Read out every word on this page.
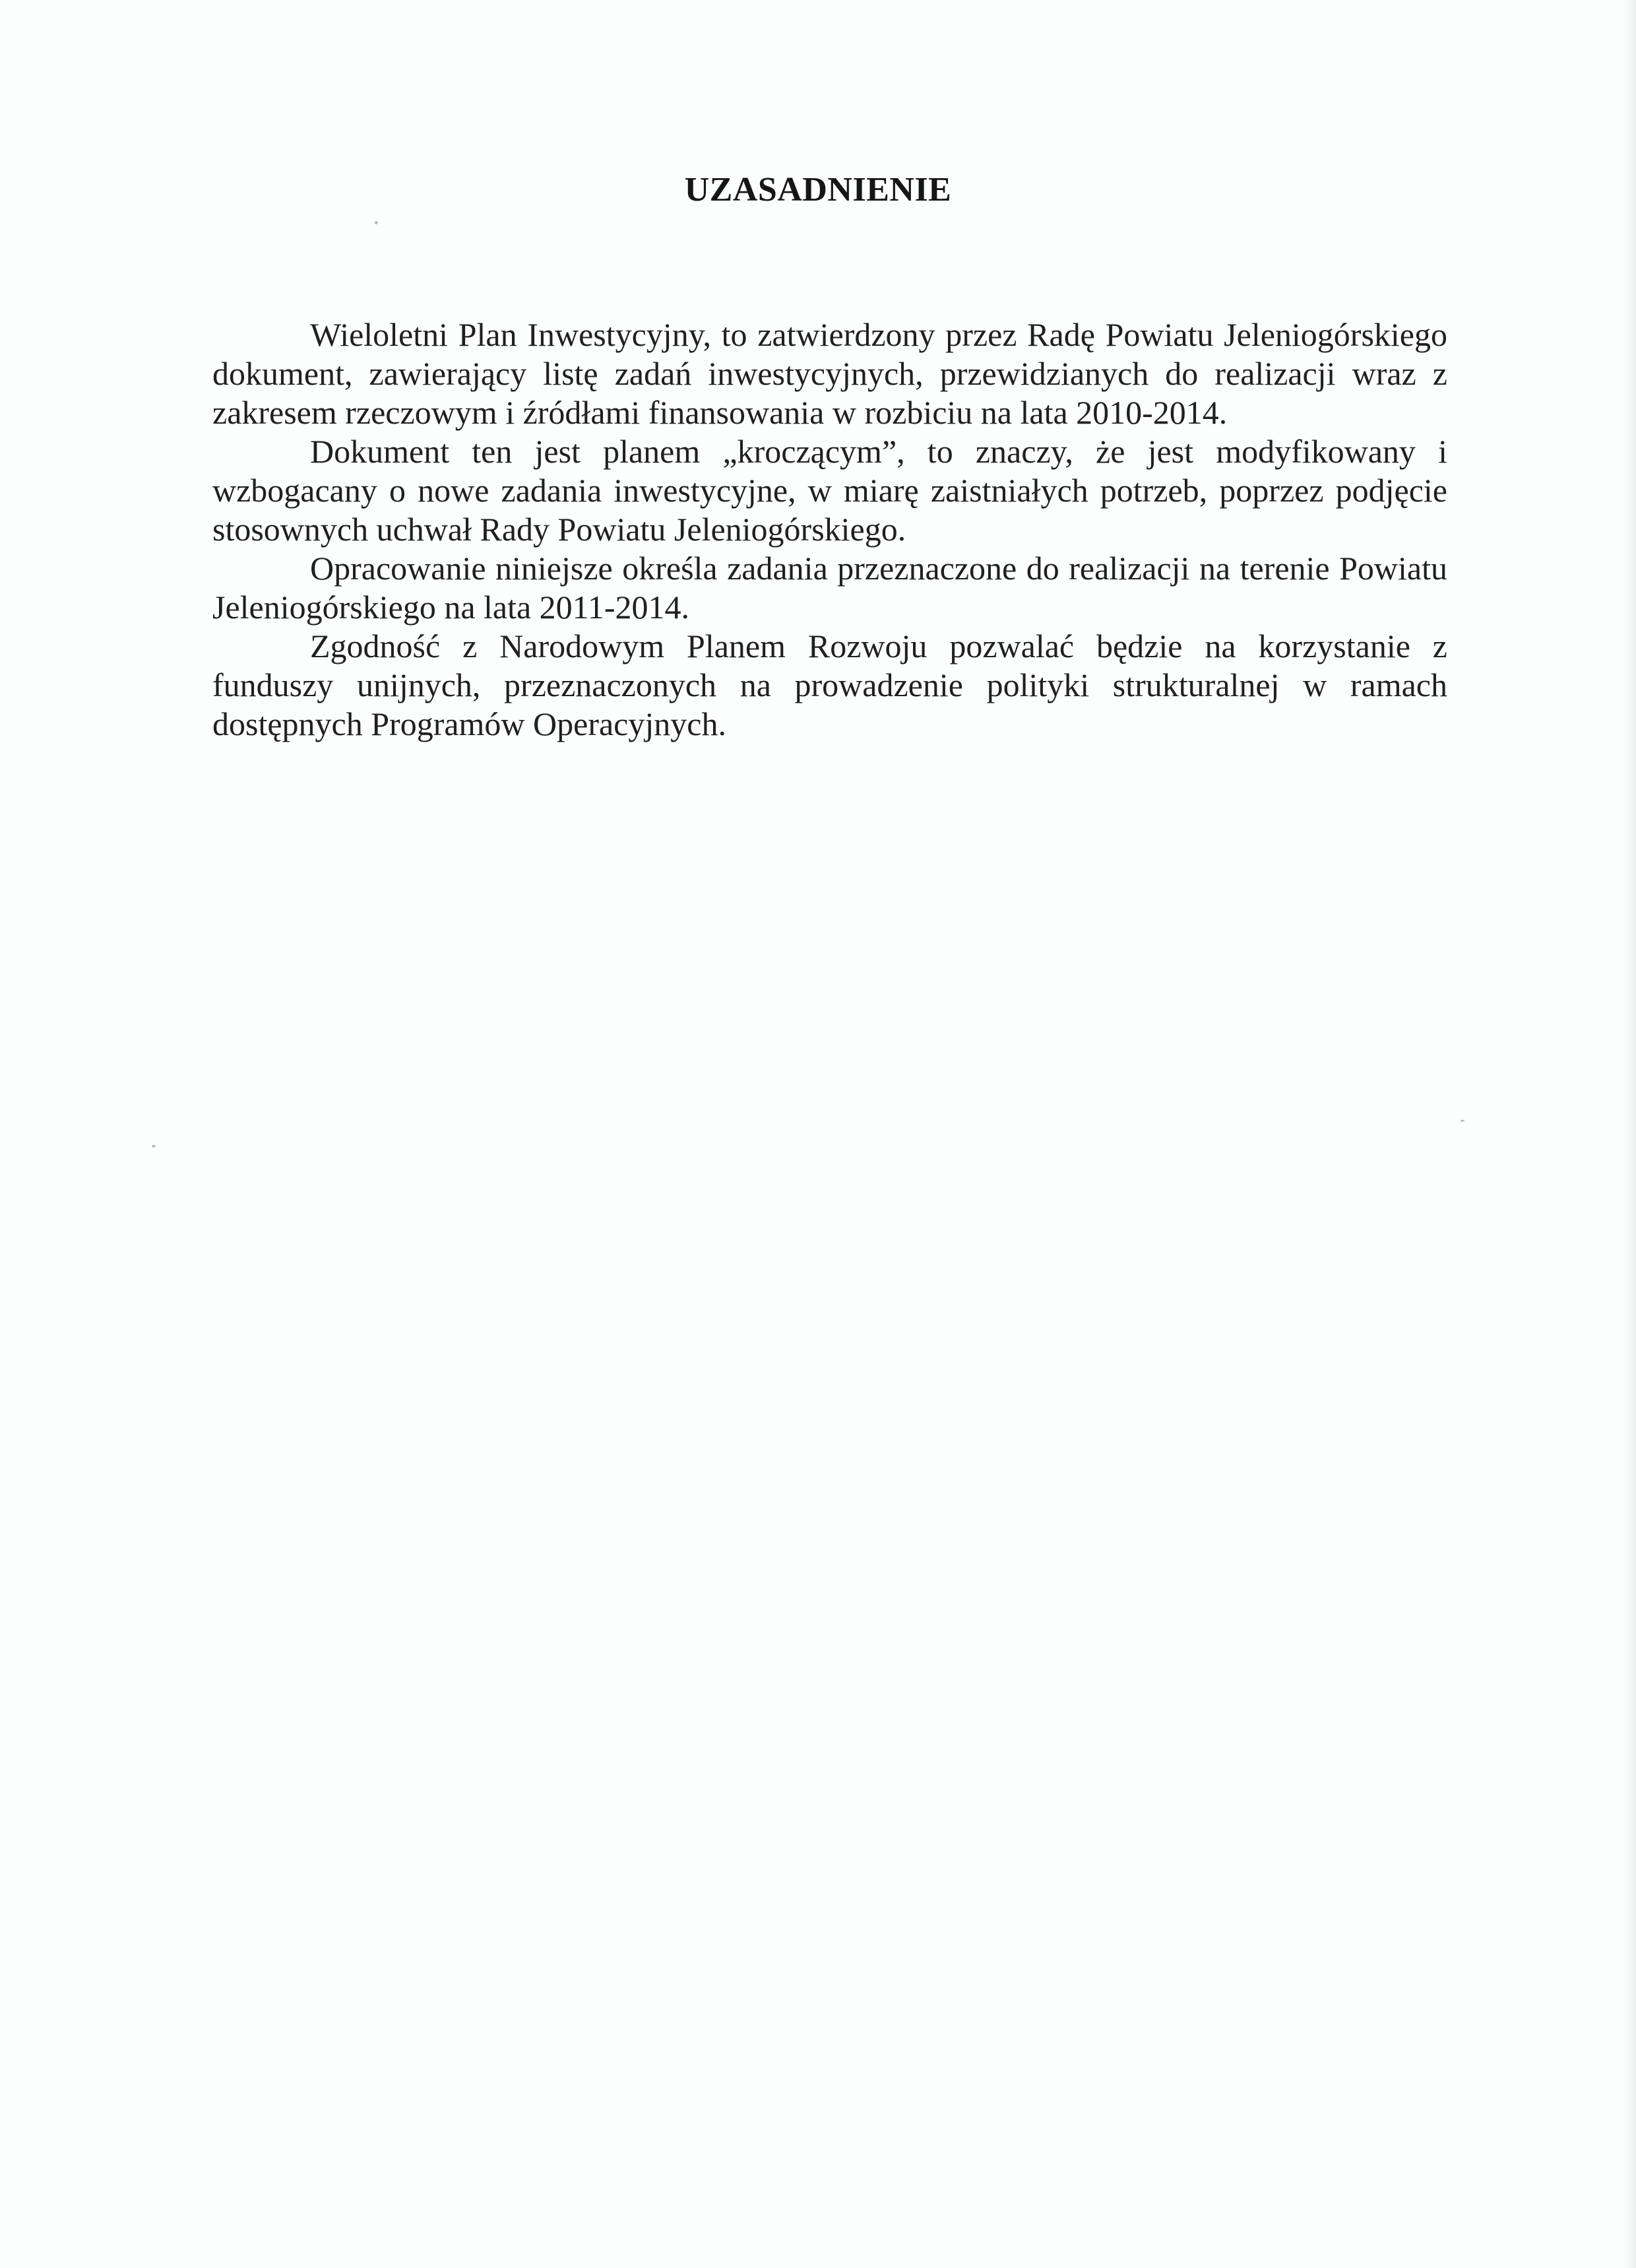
UZASADNIENIE

Wieloletni Plan Inwestycyjny, to zatwierdzony przez Radę Powiatu Jeleniogórskiego dokument, zawierający listę zadań inwestycyjnych, przewidzianych do realizacji wraz z zakresem rzeczowym i źródłami finansowania w rozbiciu na lata 2010-2014.

Dokument ten jest planem „kroczącym”, to znaczy, że jest modyfikowany i wzbogacany o nowe zadania inwestycyjne, w miarę zaistniałych potrzeb, poprzez podjęcie stosownych uchwał Rady Powiatu Jeleniogórskiego.

Opracowanie niniejsze określa zadania przeznaczone do realizacji na terenie Powiatu Jeleniogórskiego na lata 2011-2014.

Zgodność z Narodowym Planem Rozwoju pozwalać będzie na korzystanie z funduszy unijnych, przeznaczonych na prowadzenie polityki strukturalnej w ramach dostępnych Programów Operacyjnych.
